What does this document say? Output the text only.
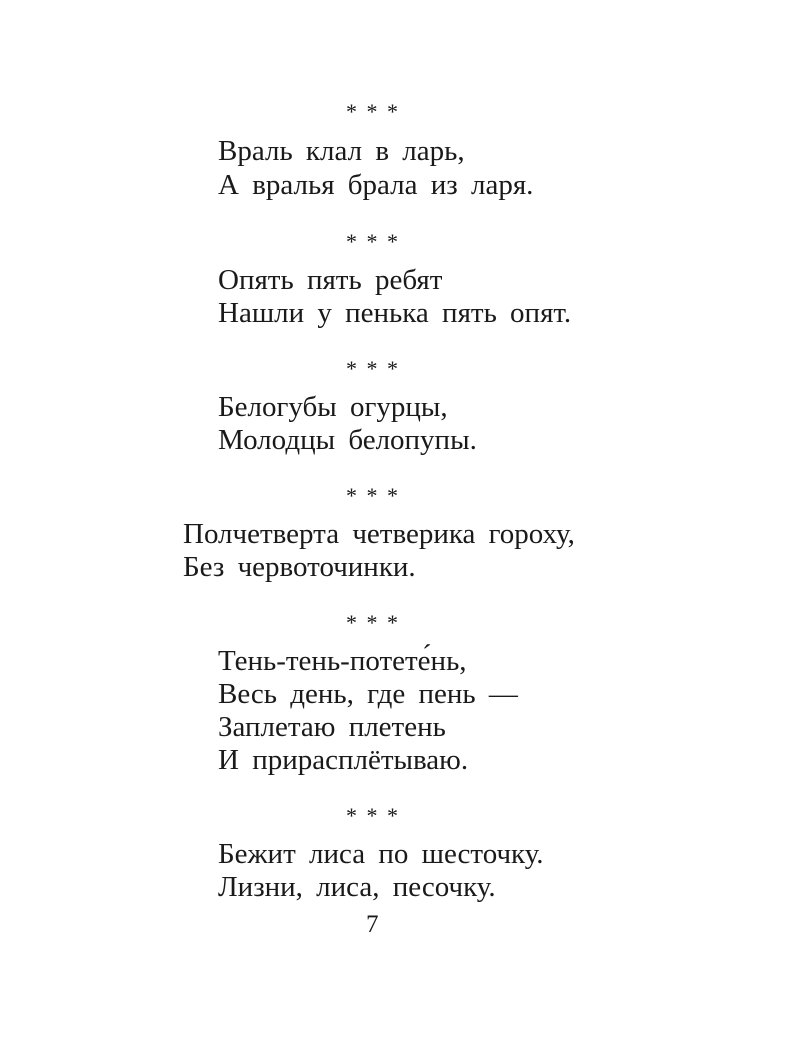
* * *
Враль клал в ларь,
А вралья брала из ларя.
* * *
Опять пять ребят
Нашли у пенька пять опят.
* * *
Белогубы огурцы,
Молодцы белопупы.
* * *
Полчетверта четверика гороху,
Без червоточинки.
* * *
Тень-тень-потете́нь,
Весь день, где пень —
Заплетаю плетень
И приpасплётываю.
* * *
Бежит лиса по шесточку.
Лизни, лиса, песочку.
7
